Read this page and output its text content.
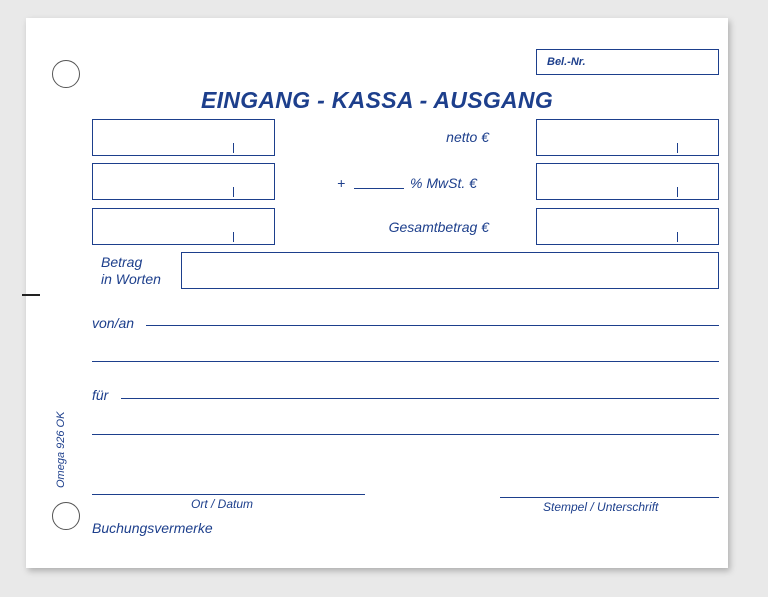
Bel.-Nr.
EINGANG - KASSA - AUSGANG
netto €
+	% MwSt. €
Gesamtbetrag €
Betrag
in Worten
von/an
für
Ort / Datum	Stempel / Unterschrift
Buchungsvermerke
Omega 926 OK
